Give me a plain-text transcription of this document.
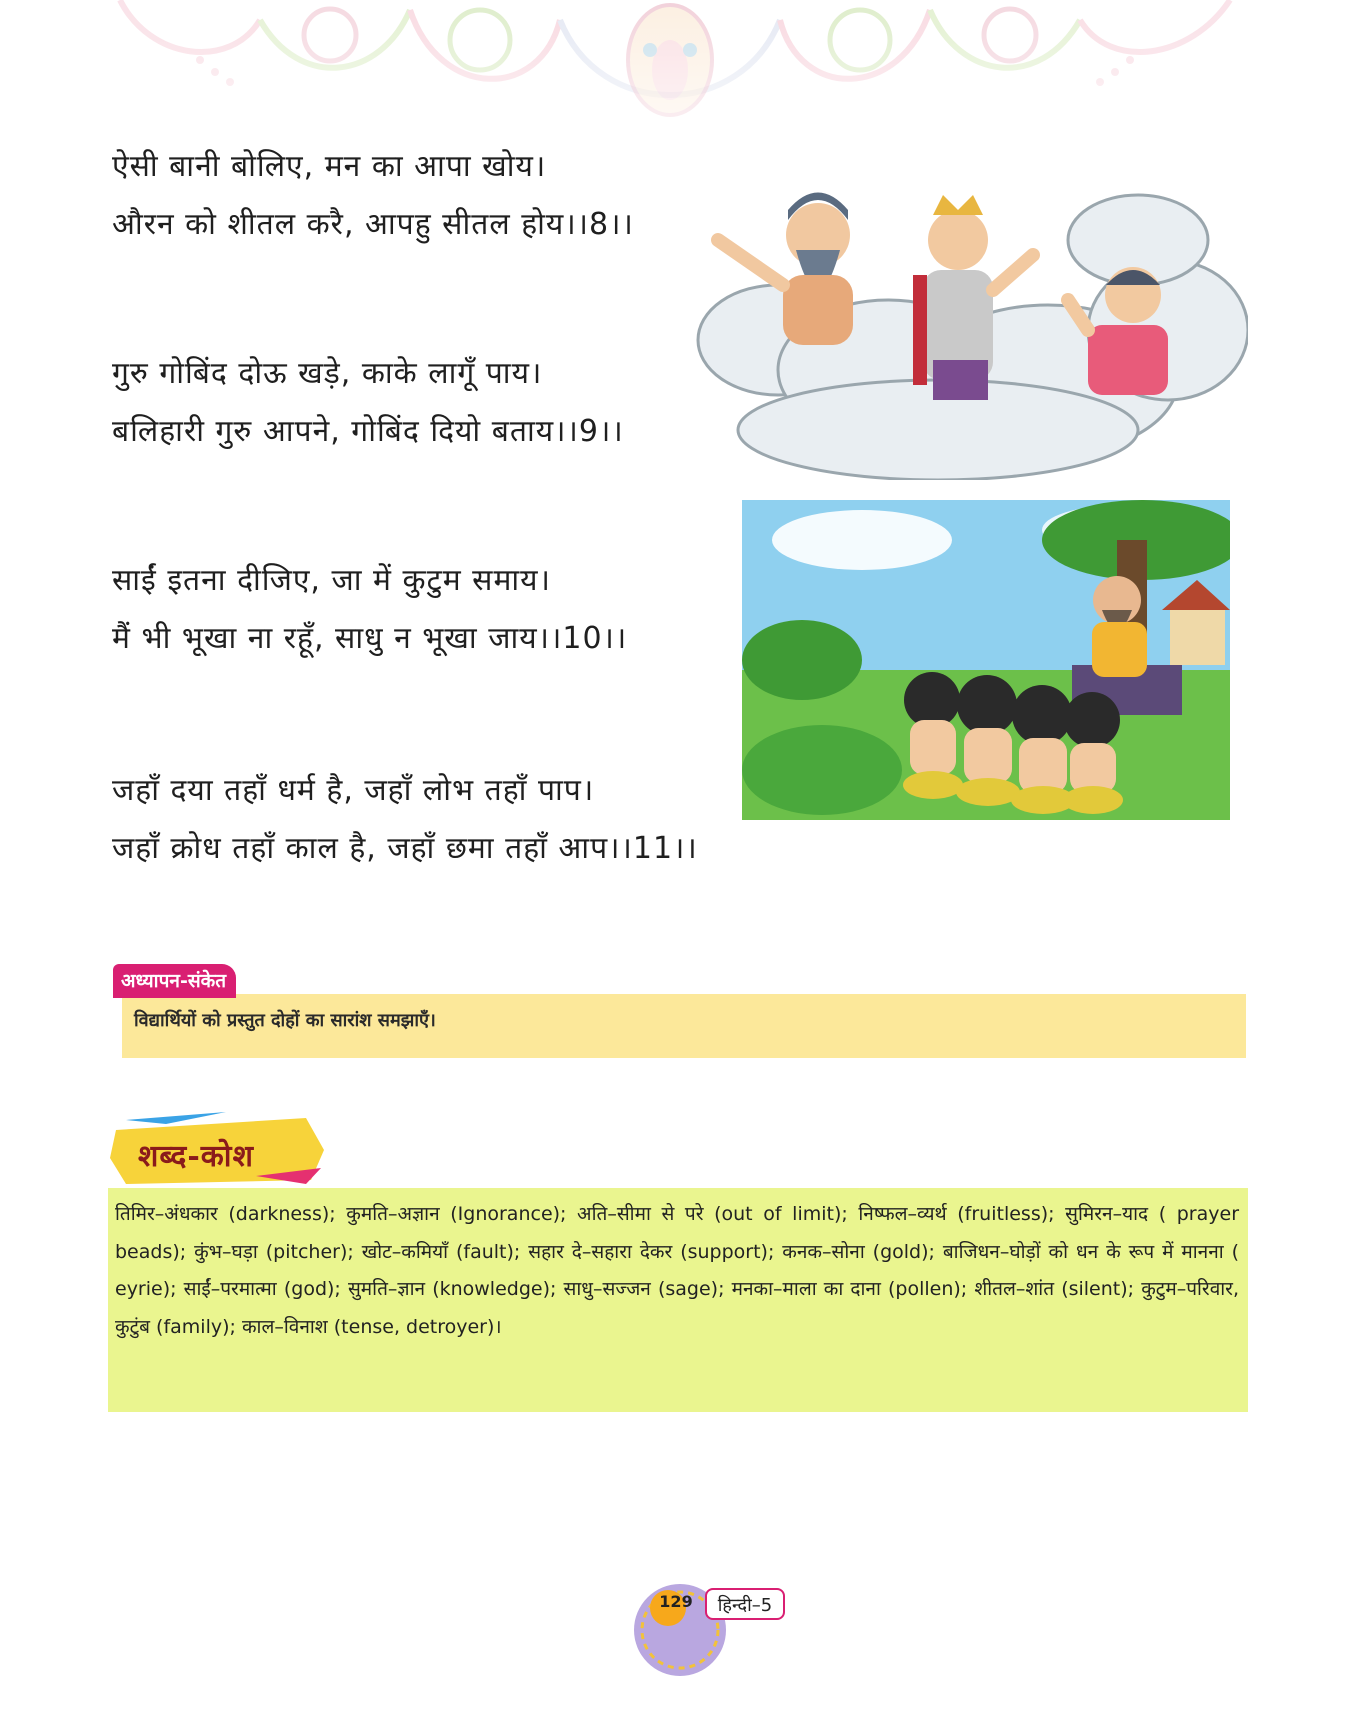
ऐसी बानी बोलिए, मन का आपा खोय।
औरन को शीतल करै, आपहु सीतल होय।।8।।
गुरु गोबिंद दोऊ खड़े, काके लागूँ पाय।
बलिहारी गुरु आपने, गोबिंद दियो बताय।।9।।
साईं इतना दीजिए, जा में कुटुम समाय।
मैं भी भूखा ना रहूँ, साधु न भूखा जाय।।10।।
जहाँ दया तहाँ धर्म है, जहाँ लोभ तहाँ पाप।
जहाँ क्रोध तहाँ काल है, जहाँ छमा तहाँ आप।।11।।
अध्यापन-संकेत
विद्यार्थियों को प्रस्तुत दोहों का सारांश समझाएँ।
शब्द-कोश
तिमिर–अंधकार (darkness); कुमति–अज्ञान (Ignorance); अति–सीमा से परे (out of limit); निष्फल–व्यर्थ (fruitless); सुमिरन–याद ( prayer beads); कुंभ–घड़ा (pitcher); खोट–कमियाँ (fault); सहार दे–सहारा देकर (support); कनक–सोना (gold); बाजिधन–घोड़ों को धन के रूप में मानना ( eyrie); साईं–परमात्मा (god); सुमति–ज्ञान (knowledge); साधु–सज्जन (sage); मनका–माला का दाना (pollen); शीतल–शांत (silent); कुटुम–परिवार, कुटुंब (family); काल–विनाश (tense, detroyer)।
129	हिन्दी–5
